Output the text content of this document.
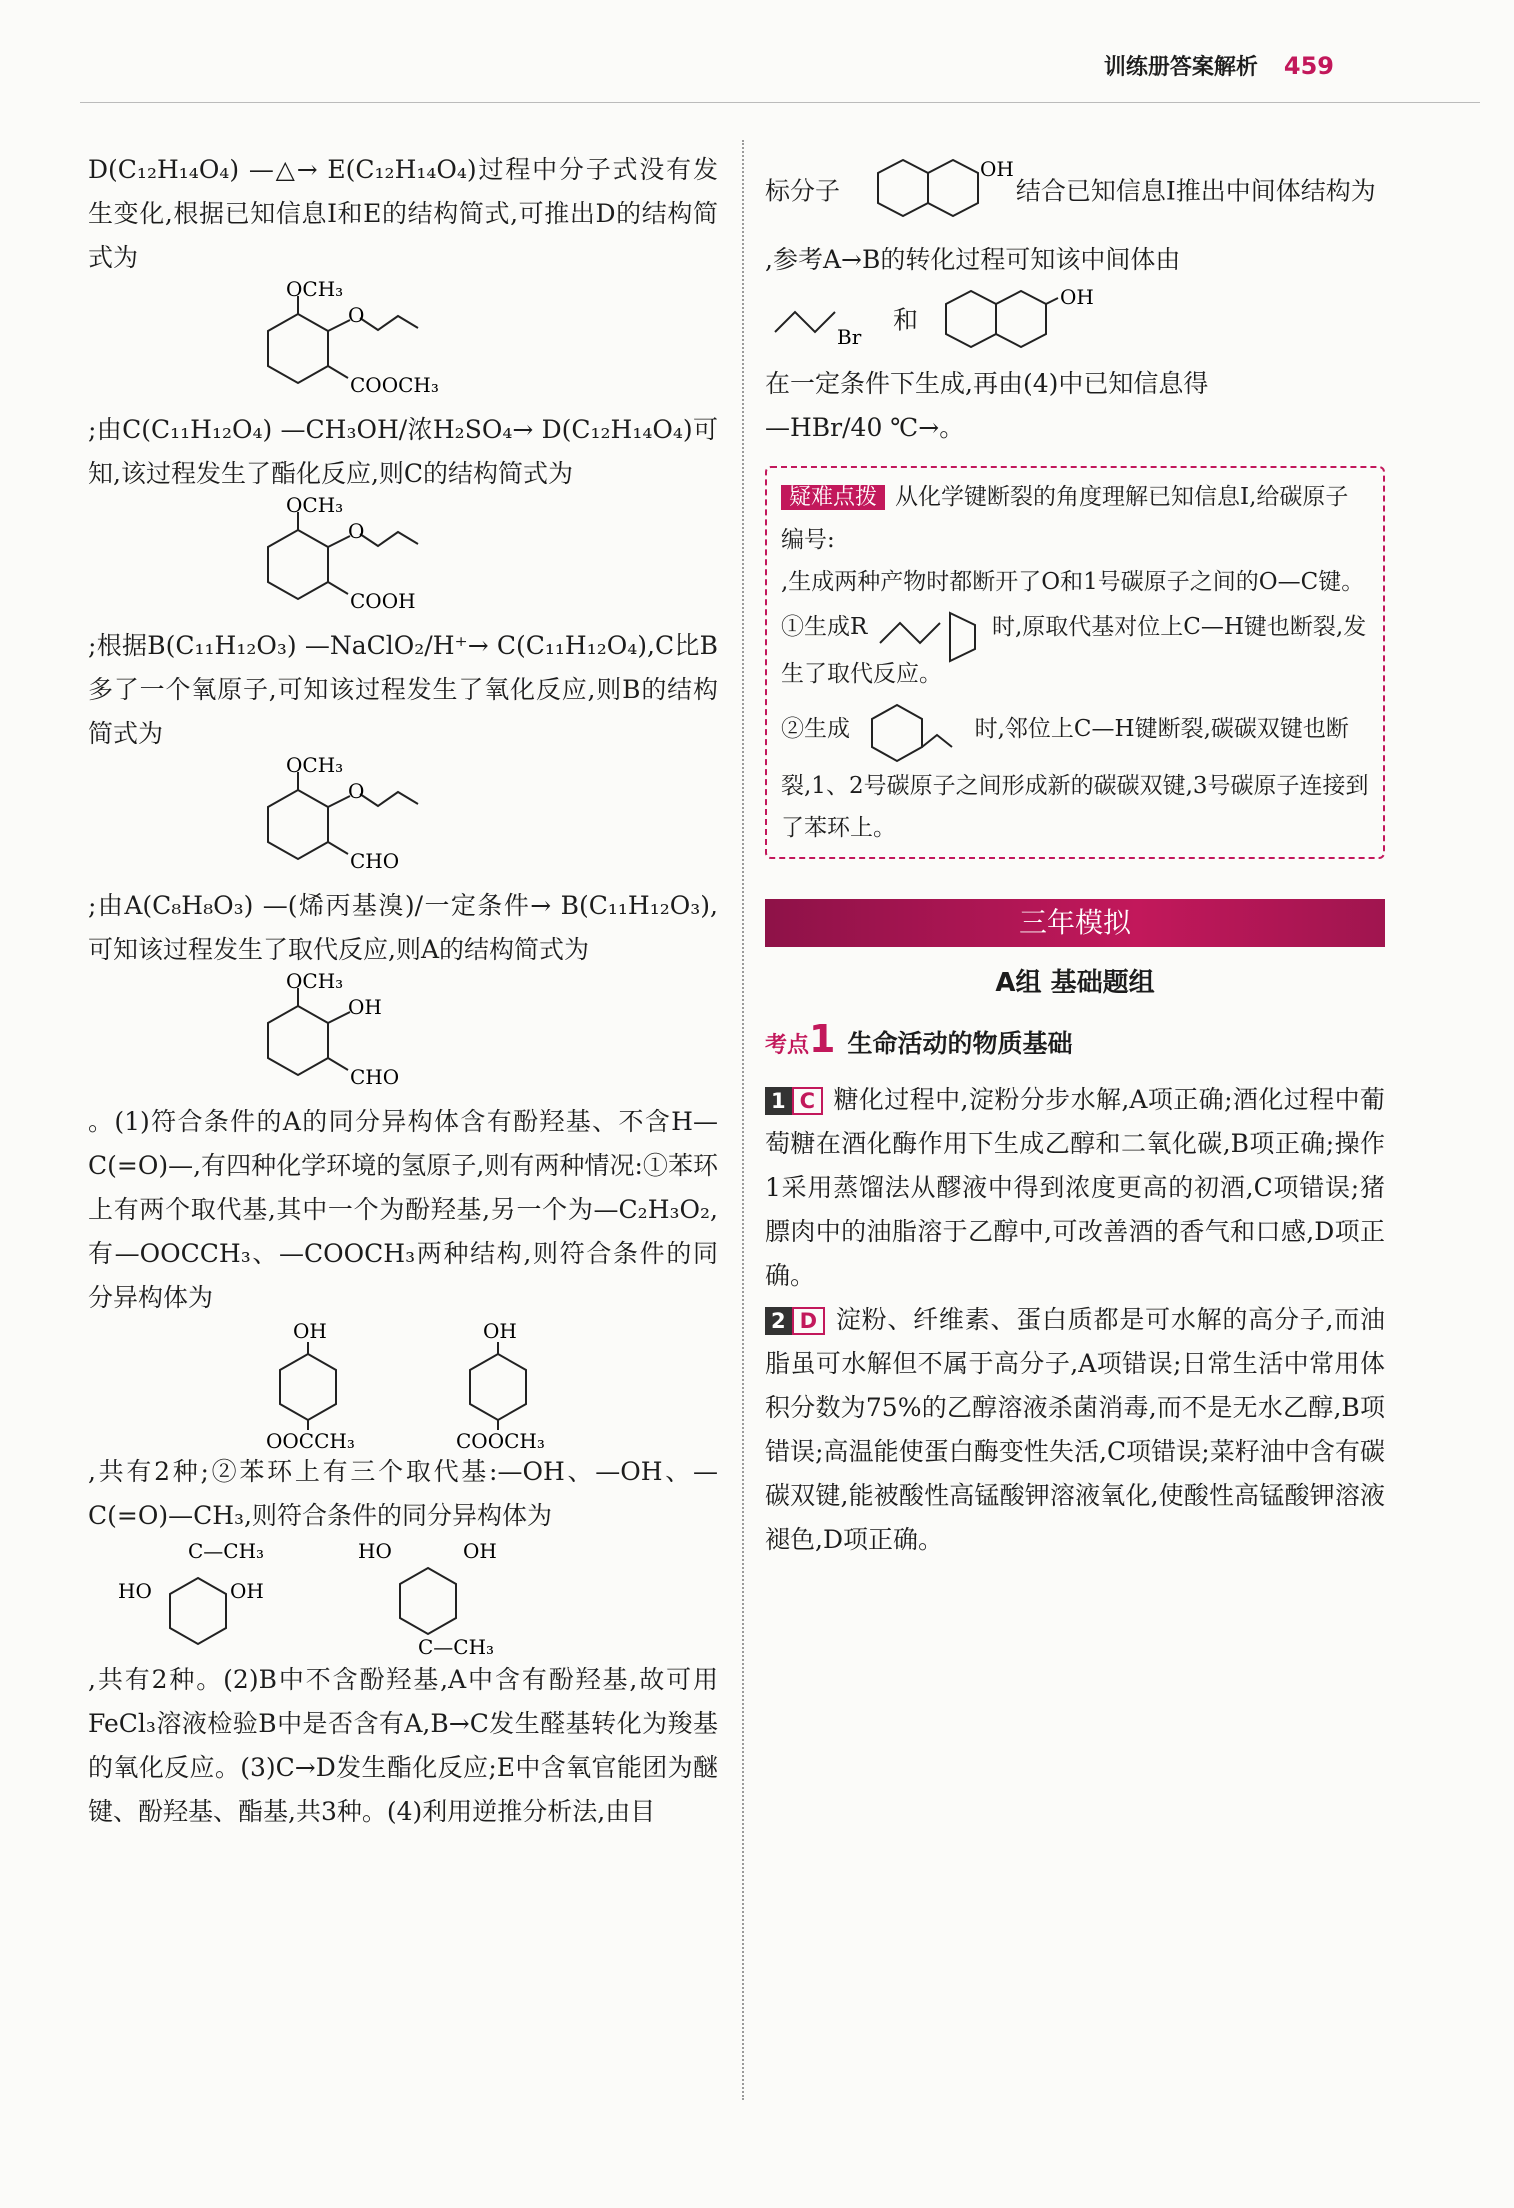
训练册答案解析 459

D(C₁₂H₁₄O₄) —△→ E(C₁₂H₁₄O₄)过程中分子式没有发生变化,根据已知信息Ⅰ和E的结构简式,可推出D的结构简式为

OCH₃
O
COOCH₃

;由C(C₁₁H₁₂O₄) —CH₃OH/浓H₂SO₄→ D(C₁₂H₁₄O₄)可知,该过程发生了酯化反应,则C的结构简式为

OCH₃
O
COOH

;根据B(C₁₁H₁₂O₃) —NaClO₂/H⁺→ C(C₁₁H₁₂O₄),C比B多了一个氧原子,可知该过程发生了氧化反应,则B的结构简式为

OCH₃
O
CHO

;由A(C₈H₈O₃) —(烯丙基溴)/一定条件→ B(C₁₁H₁₂O₃),可知该过程发生了取代反应,则A的结构简式为

OCH₃
OH
CHO

。(1)符合条件的A的同分异构体含有酚羟基、不含H—C(=O)—,有四种化学环境的氢原子,则有两种情况:①苯环上有两个取代基,其中一个为酚羟基,另一个为—C₂H₃O₂,有—OOCCH₃、—COOCH₃两种结构,则符合条件的同分异构体为

OH
OOCCH₃
OH
COOCH₃

,共有2种;②苯环上有三个取代基:—OH、—OH、—C(=O)—CH₃,则符合条件的同分异构体为

C—CH₃
HO	OH
HO	OH
C—CH₃

,共有2种。(2)B中不含酚羟基,A中含有酚羟基,故可用FeCl₃溶液检验B中是否含有A,B→C发生醛基转化为羧基的氧化反应。(3)C→D发生酯化反应;E中含氧官能团为醚键、酚羟基、酯基,共3种。(4)利用逆推分析法,由目

标分子
OH
结合已知信息Ⅰ推出中间体结构为

,参考A→B的转化过程可知该中间体由

Br
和
OH

在一定条件下生成,再由(4)中已知信息得

—HBr/40 ℃→。

疑难点拨 从化学键断裂的角度理解已知信息Ⅰ,给碳原子编号:
,生成两种产物时都断开了O和1号碳原子之间的O—C键。
①生成R	时,原取代基对位上C—H键也断裂,发生了取代反应。
②生成	时,邻位上C—H键断裂,碳碳双键也断裂,1、2号碳原子之间形成新的碳碳双键,3号碳原子连接到了苯环上。
三年模拟
A组 基础题组
考点1 生命活动的物质基础

1 C 糖化过程中,淀粉分步水解,A项正确;酒化过程中葡萄糖在酒化酶作用下生成乙醇和二氧化碳,B项正确;操作1采用蒸馏法从醪液中得到浓度更高的初酒,C项错误;猪膘肉中的油脂溶于乙醇中,可改善酒的香气和口感,D项正确。

2 D 淀粉、纤维素、蛋白质都是可水解的高分子,而油脂虽可水解但不属于高分子,A项错误;日常生活中常用体积分数为75%的乙醇溶液杀菌消毒,而不是无水乙醇,B项错误;高温能使蛋白酶变性失活,C项错误;菜籽油中含有碳碳双键,能被酸性高锰酸钾溶液氧化,使酸性高锰酸钾溶液褪色,D项正确。
